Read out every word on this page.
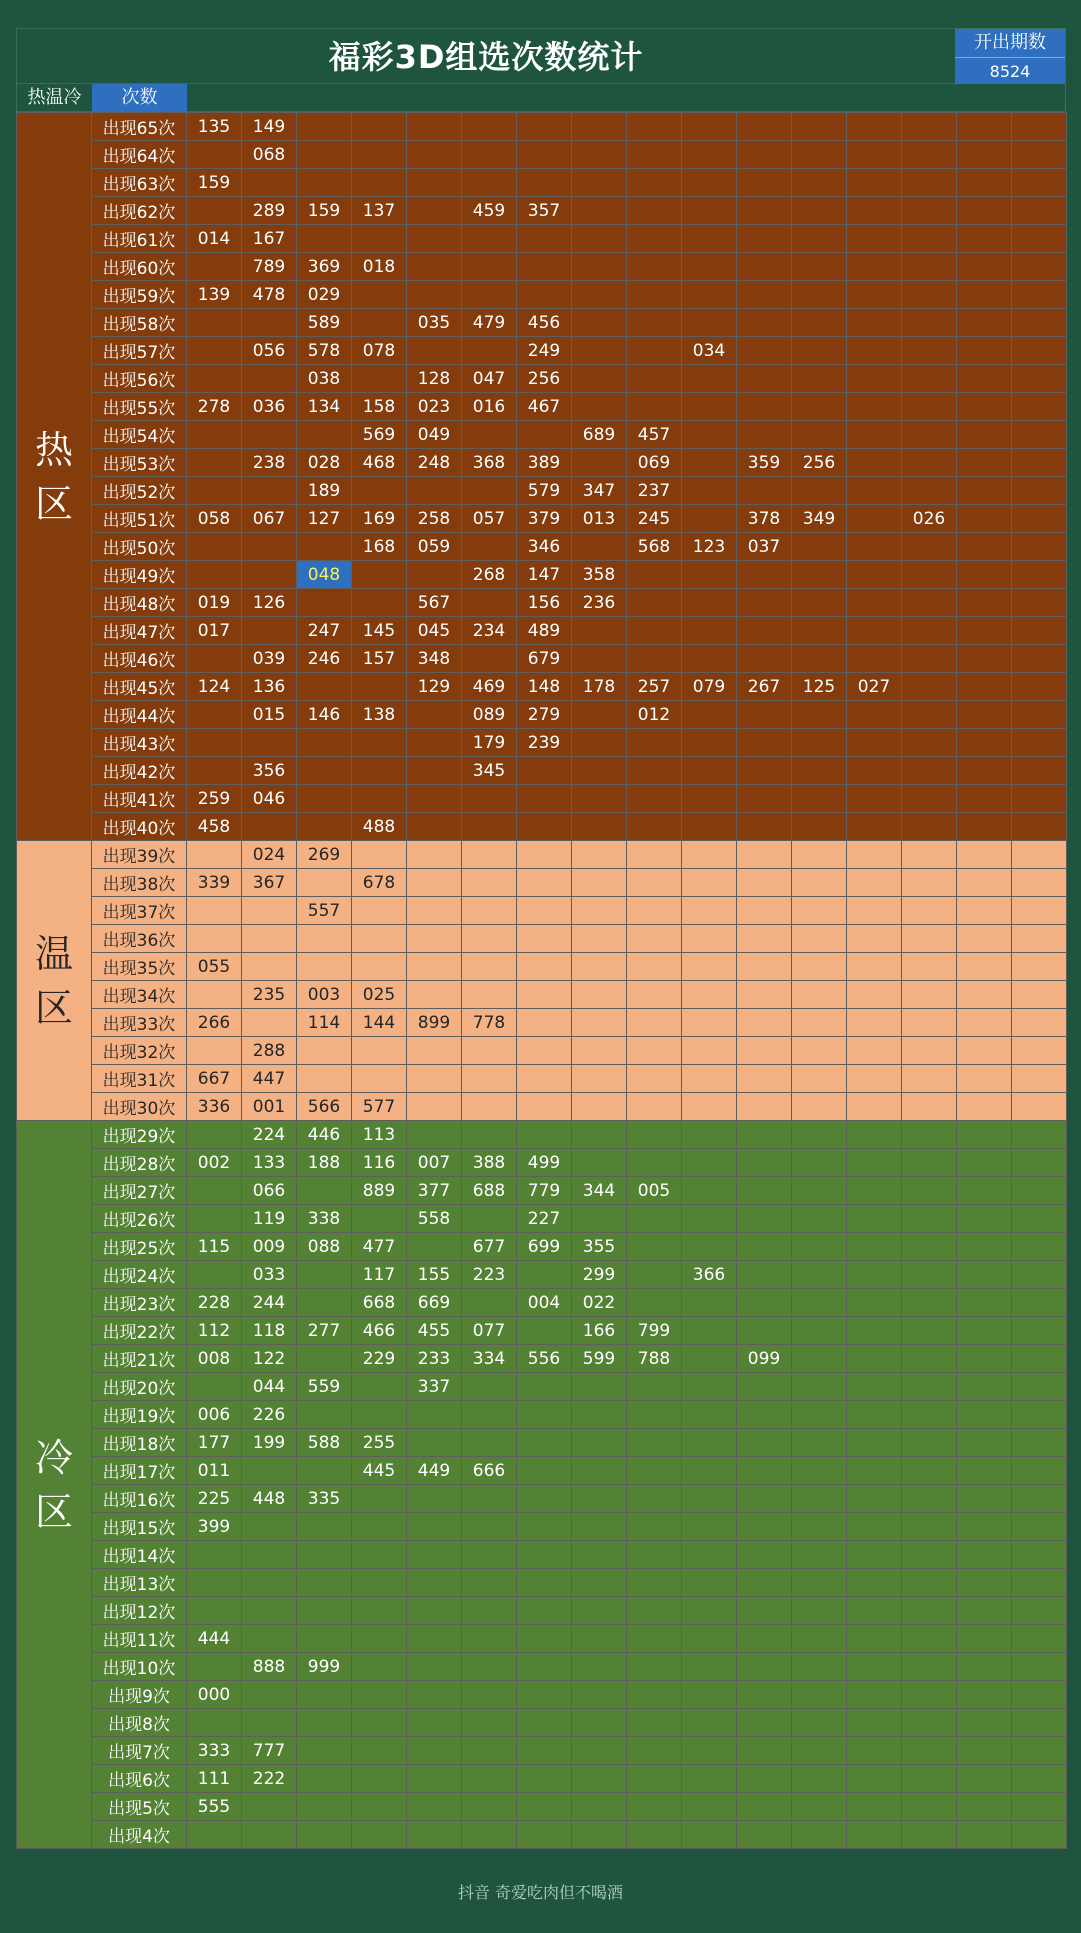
福彩3D组选次数统计	开出期数
8524
热温冷	次数
热区	出现65次	135	149														
	出现64次		068														
	出现63次	159															
	出现62次		289	159	137		459	357									
	出现61次	014	167														
	出现60次		789	369	018												
	出现59次	139	478	029													
	出现58次			589		035	479	456									
	出现57次		056	578	078			249			034						
	出现56次			038		128	047	256									
	出现55次	278	036	134	158	023	016	467									
	出现54次				569	049			689	457							
	出现53次		238	028	468	248	368	389		069		359	256				
	出现52次			189				579	347	237							
	出现51次	058	067	127	169	258	057	379	013	245		378	349		026		
	出现50次				168	059		346		568	123	037					
	出现49次			048			268	147	358								
	出现48次	019	126			567		156	236								
	出现47次	017		247	145	045	234	489									
	出现46次		039	246	157	348		679									
	出现45次	124	136			129	469	148	178	257	079	267	125	027			
	出现44次		015	146	138		089	279		012							
	出现43次						179	239									
	出现42次		356				345										
	出现41次	259	046														
	出现40次	458			488												
温区	出现39次		024	269													
	出现38次	339	367		678												
	出现37次			557													
	出现36次																
	出现35次	055															
	出现34次		235	003	025												
	出现33次	266		114	144	899	778										
	出现32次		288														
	出现31次	667	447														
	出现30次	336	001	566	577												
冷区	出现29次		224	446	113												
	出现28次	002	133	188	116	007	388	499									
	出现27次		066		889	377	688	779	344	005							
	出现26次		119	338		558		227									
	出现25次	115	009	088	477		677	699	355								
	出现24次		033		117	155	223		299		366						
	出现23次	228	244		668	669		004	022								
	出现22次	112	118	277	466	455	077		166	799							
	出现21次	008	122		229	233	334	556	599	788		099					
	出现20次		044	559		337											
	出现19次	006	226														
	出现18次	177	199	588	255												
	出现17次	011			445	449	666										
	出现16次	225	448	335													
	出现15次	399															
	出现14次																
	出现13次																
	出现12次																
	出现11次	444															
	出现10次		888	999													
	出现9次	000															
	出现8次																
	出现7次	333	777														
	出现6次	111	222														
	出现5次	555															
	出现4次																
抖音 奇爱吃肉但不喝酒
